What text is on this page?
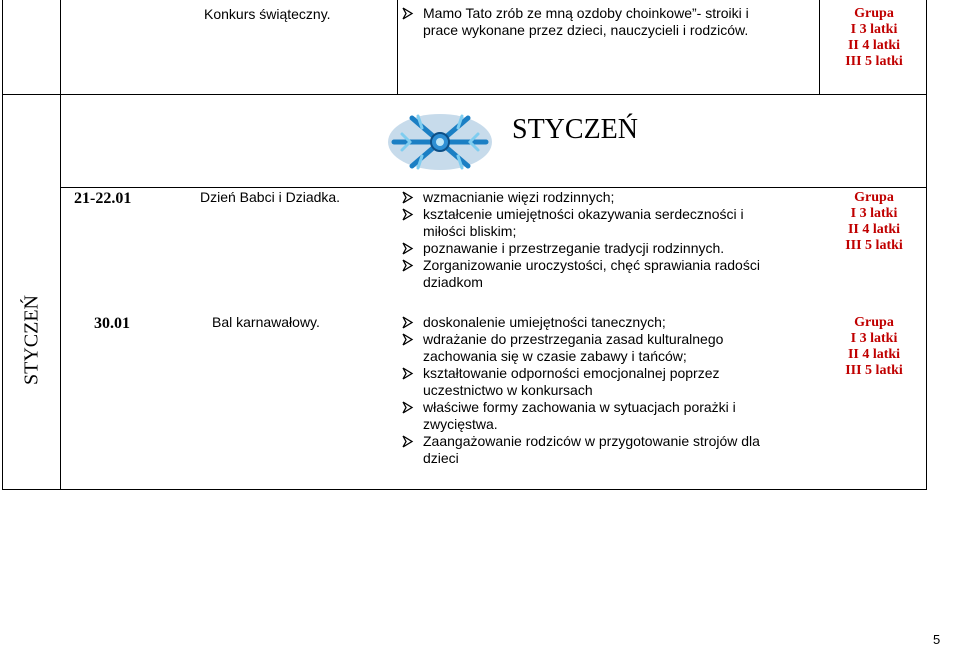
Konkurs świąteczny.	Mamo Tato zrób ze mną ozdoby choinkowe”- stroiki i prace wykonane przez dzieci, nauczycieli i rodziców.
Grupa
I 3 latki
II 4 latki
III 5 latki
STYCZEŃ
STYCZEŃ
21-22.01	Dzień Babci i Dziadka.	wzmacnianie więzi rodzinnych;
kształcenie umiejętności okazywania serdeczności i miłości bliskim;
poznawanie i przestrzeganie tradycji rodzinnych.
Zorganizowanie uroczystości, chęć sprawiania radości dziadkom
Grupa
I 3 latki
II 4 latki
III 5 latki
30.01	Bal karnawałowy.	doskonalenie umiejętności tanecznych;
wdrażanie do przestrzegania zasad kulturalnego zachowania się w czasie zabawy i tańców;
kształtowanie odporności emocjonalnej poprzez uczestnictwo w konkursach
właściwe formy zachowania w sytuacjach porażki i zwycięstwa.
Zaangażowanie rodziców w przygotowanie strojów dla dzieci
Grupa
I 3 latki
II 4 latki
III 5 latki
5
